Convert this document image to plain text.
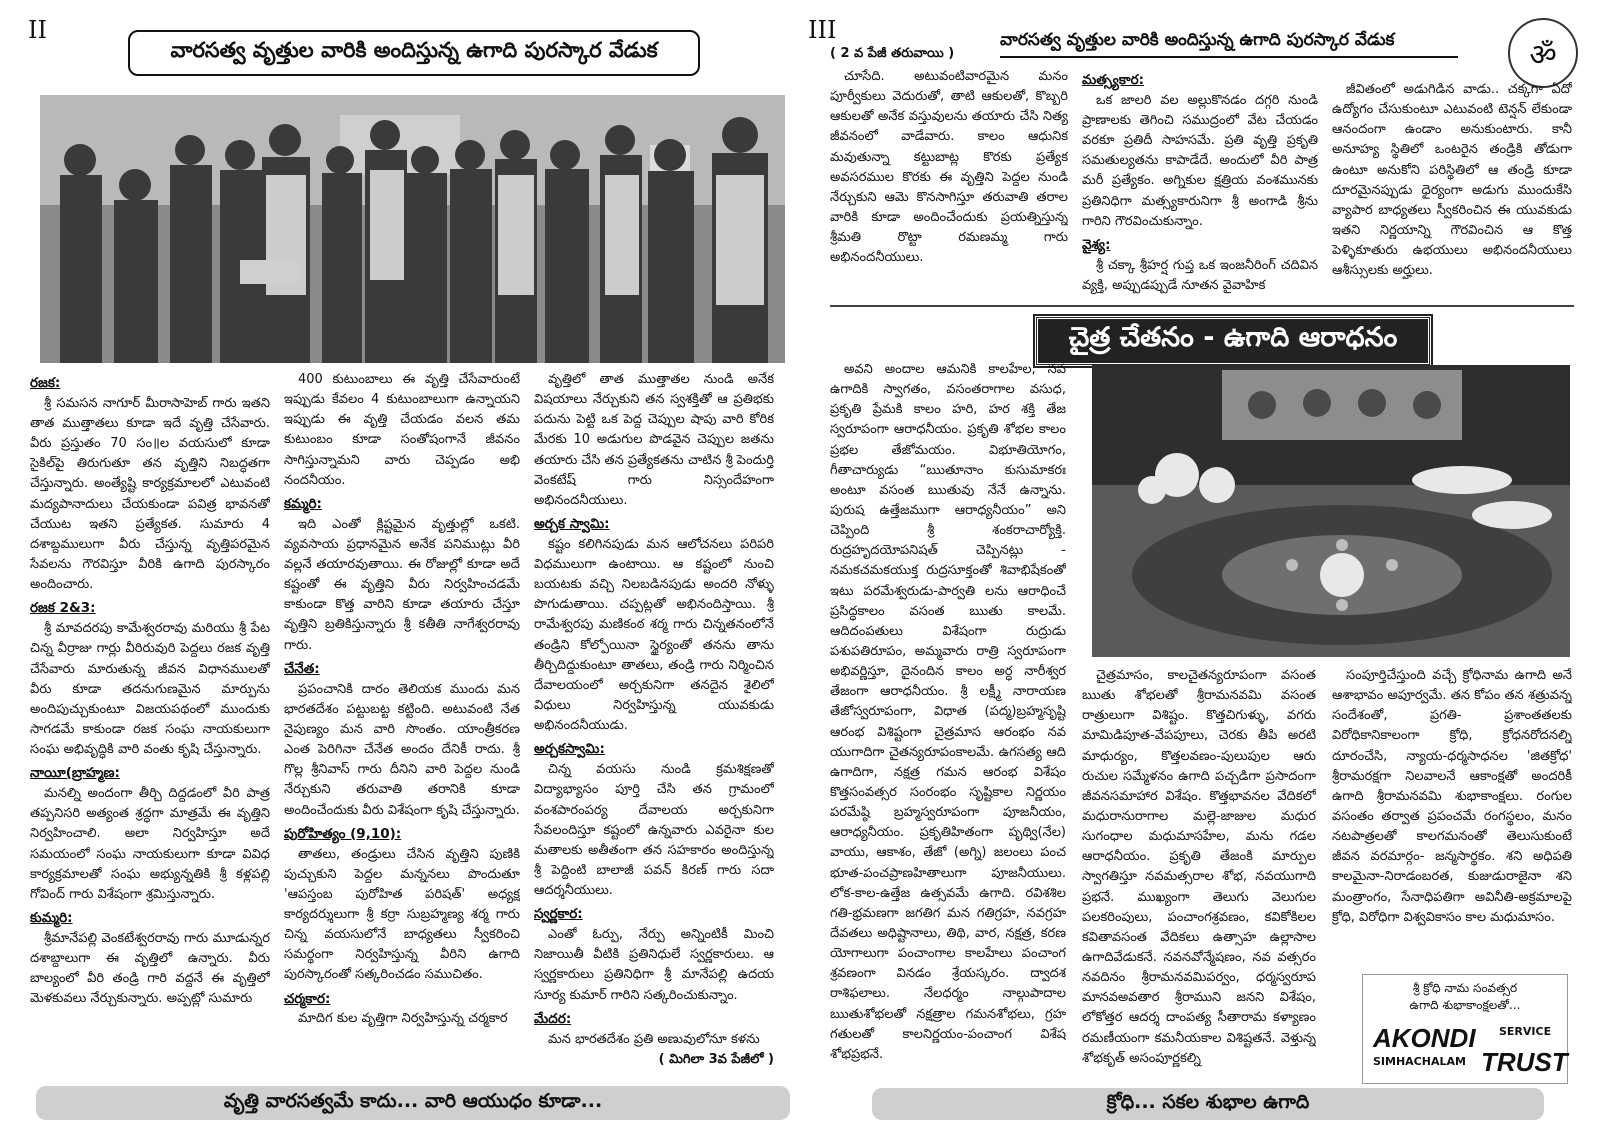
II
వారసత్వ వృత్తుల వారికి అందిస్తున్న ఉగాది పురస్కార వేడుక
రజక:

శ్రీ సమసన నాగూర్ మీరాసాహెబ్ గారు ఇతని తాత ముత్తాతలు కూడా ఇదే వృత్తి చేసేవారు. వీరు ప్రస్తుతం 70 సం॥ల వయసులో కూడా సైకిల్‌పై తిరుగుతూ తన వృత్తిని నిబద్ధతగా చేస్తున్నారు. అంత్యేష్టి కార్యక్రమాలలో ఎటువంటి మద్యపానాదులు చేయకుండా పవిత్ర భావనతో చేయుట ఇతని ప్రత్యేకత. సుమారు 4 దశాబ్దములుగా వీరు చేస్తున్న వృత్తిపరమైన సేవలను గౌరవిస్తూ వీరికి ఉగాది పురస్కారం అందించారు.

రజక 2&3:

శ్రీ మావదరపు కామేశ్వరరావు మరియు శ్రీ పేట చిన్న వీర్రాజు గార్లు వీరిరువురి పెద్దలు రజక వృత్తి చేసేవారు మారుతున్న జీవన విధానములతో వీరు కూడా తదనుగుణమైన మార్పును అందిపుచ్చుకుంటూ విజయపథంలో ముందుకు సాగడమే కాకుండా రజక సంఘ నాయకులుగా సంఘ అభివృద్ధికి వారి వంతు కృషి చేస్తున్నారు.

నాయీ(బ్రాహ్మణ:

మనల్ని అందంగా తీర్చి దిద్దడంలో వీరి పాత్ర తప్పనిసరి అత్యంత శ్రద్ధగా మాత్రమే ఈ వృత్తిని నిర్వహించాలి. అలా నిర్వహిస్తూ అదే సమయంలో సంఘ నాయకులుగా కూడా వివిధ కార్యక్రమాలతో సంఘ అభ్యున్నతికి శ్రీ కళ్లపల్లి గోవింద్ గారు విశేషంగా శ్రమిస్తున్నారు.

కుమ్మరి:

శ్రీమానేపల్లి వెంకటేశ్వరరావు గారు మూడున్నర దశాబ్దాలుగా ఈ వృత్తిలో ఉన్నారు. వీరు బాల్యంలో వీరి తండ్రి గారి వద్దనే ఈ వృత్తిలో మెళకువలు నేర్చుకున్నారు. అప్పట్లో సుమారు

400 కుటుంబాలు ఈ వృత్తి చేసేవారుంటే ఇప్పుడు కేవలం 4 కుటుంబాలుగా ఉన్నాయని ఇప్పుడు ఈ వృత్తి చేయడం వలన తమ కుటుంబం కూడా సంతోషంగానే జీవనం సాగిస్తున్నామని వారు చెప్పడం అభి నందనీయం.

కమ్మరి:

ఇది ఎంతో క్లిష్టమైన వృత్తుల్లో ఒకటి. వ్యవసాయ ప్రధానమైన అనేక పనిముట్లు వీరి వల్లనే తయారవుతాయి. ఈ రోజుల్లో కూడా అదే కష్టంతో ఈ వృత్తిని వీరు నిర్వహించడమే కాకుండా కొత్త వారిని కూడా తయారు చేస్తూ వృత్తిని బ్రతికిస్తున్నారు శ్రీ కతీతి నాగేశ్వరరావు గారు.

చేనేత:

ప్రపంచానికి దారం తెలియక ముందు మన భారతదేశం పట్టుబట్ట కట్టింది. అటువంటి నేత నైపుణ్యం మన వారి సొంతం. యాంత్రీకరణ ఎంత పెరిగినా చేనేత అందం దేనికీ రాదు. శ్రీ గొల్ల శ్రీనివాస్ గారు దీనిని వారి పెద్దల నుండి నేర్చుకుని తరువాతి తరానికి కూడా అందించేందుకు వీరు విశేషంగా కృషి చేస్తున్నారు.

పురోహిత్యం (9,10):

తాతలు, తండ్రులు చేసిన వృత్తిని పుణికి పుచ్చుకుని పెద్దల మన్ననలు పొందుతూ 'ఆపస్తంబ పురోహిత పరిషత్' అధ్యక్ష కార్యదర్శులుగా శ్రీ కర్రా సుబ్రహ్మణ్య శర్మ గారు చిన్న వయసులోనే బాధ్యతలు స్వీకరించి సమర్థంగా నిర్వహిస్తున్న వీరిని ఉగాది పురస్కారంతో సత్కరించడం సముచితం.

చర్మకార:

మాదిగ కుల వృత్తిగా నిర్వహిస్తున్న చర్మకార

వృత్తిలో తాత ముత్తాతల నుండి అనేక విషయాలు నేర్చుకుని తన స్వశక్తితో ఆ ప్రతిభకు పదును పెట్టి ఒక పెద్ద చెప్పుల షాపు వారి కోరిక మేరకు 10 అడుగుల పొడవైన చెప్పుల జతను తయారు చేసి తన ప్రత్యేకతను చాటిన శ్రీ పెందుర్తి వెంకటేష్ గారు నిస్సందేహంగా అభినందనీయులు.

అర్చక స్వామి:

కష్టం కలిగినపుడు మన ఆలోచనలు పరిపరి విధములుగా ఉంటాయి. ఆ కష్టంలో నుంచి బయటకు వచ్చి నిలబడినపుడు అందరి నోళ్ళు పొగుడుతాయి. చప్పట్లతో అభినందిస్తాయి. శ్రీ రామేశ్వరపు మణికంఠ శర్మ గారు చిన్నతనంలోనే తండ్రిని కోల్పోయినా స్థైర్యంతో తనను తాను తీర్చిదిద్దుకుంటూ తాతలు, తండ్రి గారు నిర్మించిన దేవాలయంలో అర్చకునిగా తనదైన శైలిలో విధులు నిర్వహిస్తున్న యువకుడు అభినందనీయుడు.

అర్చకస్వామి:

చిన్న వయసు నుండి క్రమశిక్షణతో విద్యాభ్యాసం పూర్తి చేసి తన గ్రామంలో వంశపారంపర్య దేవాలయ అర్చకునిగా సేవలందిస్తూ కష్టంలో ఉన్నవారు ఎవరైనా కుల మతాలకు అతీతంగా తన సహకారం అందిస్తున్న శ్రీ పెద్దింటి బాలాజీ పవన్ కిరణ్ గారు సదా ఆదర్శనీయులు.

స్వర్ణకార:

ఎంతో ఓర్పు, నేర్పు అన్నింటికీ మించి నిజాయితీ వీటికి ప్రతినిధులే స్వర్ణకారులు. ఆ స్వర్ణకారులు ప్రతినిధిగా శ్రీ మానేపల్లి ఉదయ సూర్య కుమార్ గారిని సత్కరించుకున్నాం.

మేదర:

మన భారతదేశం ప్రతి అణువులోనూ కళను

( మిగిలా 3వ పేజీలో )

వృత్తి వారసత్వమే కాదు... వారి ఆయుధం కూడా...
III
( 2 వ పేజీ తరువాయి )
వారసత్వ వృత్తుల వారికి అందిస్తున్న ఉగాది పురస్కార వేడుక	ॐ

చూసేది. అటువంటివారమైన మనం పూర్వీకులు వెదురుతో, తాటి ఆకులతో, కొబ్బరి ఆకులతో అనేక వస్తువులను తయారు చేసి నిత్య జీవనంలో వాడేవారు. కాలం ఆధునిక మవుతున్నా కట్టుబాట్ల కొరకు ప్రత్యేక అవసరముల కొరకు ఈ వృత్తిని పెద్దల నుండి నేర్చుకుని ఆమె కొనసాగిస్తూ తరువాతి తరాల వారికి కూడా అందించేందుకు ప్రయత్నిస్తున్న శ్రీమతి రొట్టా రమణమ్మ గారు అభినందనీయులు.

మత్స్యకార:

ఒక జాలరి వల అల్లుకొనడం దగ్గరి నుండి ప్రాణాలకు తెగించి సముద్రంలో వేట చేయడం వరకూ ప్రతిదీ సాహసమే. ప్రతి వృత్తి ప్రకృతి సమతుల్యతను కాపాడేదే. అందులో వీరి పాత్ర మరీ ప్రత్యేకం. అగ్నికుల క్షత్రియ వంశమునకు ప్రతినిధిగా మత్స్యకారునిగా శ్రీ అంగాడి శ్రీను గారిని గౌరవించుకున్నాం.

వైశ్య:

శ్రీ చక్కా శ్రీహర్ష గుప్త ఒక ఇంజనీరింగ్ చదివిన వ్యక్తి, అప్పుడప్పుడే నూతన వైవాహిక

జీవితంలో అడుగిడిన వాడు.. చక్కగా ఏదో ఉద్యోగం చేసుకుంటూ ఎటువంటి టెన్షన్ లేకుండా ఆనందంగా ఉండాం అనుకుంటారు. కానీ అనూహ్య స్థితిలో ఒంటరైన తండ్రికి తోడుగా ఉంటూ అనుకోని పరిస్థితిలో ఆ తండ్రి కూడా దూరమైనప్పుడు ధైర్యంగా అడుగు ముందుకేసి వ్యాపార బాధ్యతలు స్వీకరించిన ఈ యువకుడు ఇతని నిర్ణయాన్ని గౌరవించిన ఆ కొత్త పెళ్ళికూతురు ఉభయులు అభినందనీయులు ఆశీస్సులకు అర్హులు.

చైత్ర చేతనం - ఉగాది ఆరాధనం

అవని అందాల ఆమనికి కాలహేల, నవ ఉగాదికి స్వాగతం, వసంతరాగాల వసుధ, ప్రకృతి ప్రేమకి కాలం హరి, హర శక్తి తేజ స్వరూపంగా ఆరాధనీయం. ప్రకృతి శోభల కాలం ప్రభల తేజోమయం. విభూతియోగం, గీతాచార్యుడు “ఋతూనాం కుసుమాకరః అంటూ వసంత ఋతువు నేనే ఉన్నాను. పురుష ఉత్తేజముగా ఆరాధ్యనీయం” అని చెప్పింది శ్రీ శంకరాచార్యోక్తి. రుద్రహృదయోపనిషత్ చెప్పినట్లు - నమకచమకయుక్త రుద్రసూక్తంతో శివాభిషేకంతో ఇటు పరమేశ్వరుడు-పార్వతి లను ఆరాధించే ప్రసిద్ధకాలం వసంత ఋతు కాలమే. ఆదిదంపతులు విశేషంగా రుద్రుడు పశుపతిరూపం, అమ్మవారు రాత్రి స్వరూపంగా అభివర్ణిస్తూ, దైనందిన కాలం అర్ధ నారీశ్వర తేజంగా ఆరాధనీయం. శ్రీ లక్ష్మీ నారాయణ తేజోస్వరూపంగా, విధాత (పద్మ)బ్రహ్మసృష్టి ఆరంభ విశిష్టంగా చైత్రమాస ఆరంభం నవ యుగాదిగా చైతన్యరూపంకాలమే. ఉగసత్య ఆది ఉగాదిగా, నక్షత్ర గమన ఆరంభ విశేషం కొత్తసంవత్సర సంరంభం సృష్టికాల నిర్ణయం పరమేష్ఠి బ్రహ్మస్వరూపంగా పూజనీయం, ఆరాధ్యనీయం. ప్రకృతిహితంగా పృథ్వి(నేల) వాయు, ఆకాశం, తేజో (అగ్ని) జలంలు పంచ భూత-పంచప్రాణహితాలుగా పూజనీయులు. లోక-కాల-ఉత్తేజ ఉత్సవమే ఉగాది. రవిశశిల గతి-భ్రమణగా జగతిగ మన గతిగ్రహ, నవగ్రహ దేవతలు అధిష్టానాలు, తిథి, వార, నక్షత్ర, కరణ యోగాలుగా పంచాంగాల కాలహేలు పంచాంగ శ్రవణంగా వినడం శ్రేయస్కరం. ద్వాదశ రాశిఫలాలు. నేలధర్మం నాల్గుపాదాల ఋతుశోభలతో నక్షత్రాల గమనశోభలు, గ్రహ గతులతో కాలనిర్ణయం-పంచాంగ విశేష శోభప్రభనే.

చైత్రమాసం, కాలచైతన్యరూపంగా వసంత ఋతు శోభలతో శ్రీరామనవమి వసంత రాత్రులుగా విశిష్టం. కొత్తచిగుళ్ళు, వగరు మామిడిపూత-వేపపూలు, చెరకు తీపి అరటి మాధుర్యం, కొత్తలవణం-పులుపుల ఆరు రుచుల సమ్మేళనం ఉగాది పచ్చడిగా ప్రసాదంగా జీవనసమాహార విశేషం. కొత్తభావనల వేదికలో మధురానురాగాల మల్లె-జాజుల మధుర సుగంధాల మధుమాసహేల, మను గడల ఆరాధనీయం. ప్రకృతి తేజంకి మార్పుల స్వాగతిస్తూ నవమత్సరాల శోభ, నవయుగాది ప్రభనే. ముఖ్యంగా తెలుగు వెలుగుల పలకరింపులు, పంచాంగశ్రవణం, కవికోకిలల కవితావసంత వేదికలు ఉత్సాహ ఉల్లాసాల ఉగాదివేడుకనే. నవనవోన్మేషణం, నవ వత్సరం నవదినం శ్రీరామనవమిపర్వం, ధర్మస్వరూప మానవఅవతార శ్రీరాముని జనని విశేషం, లోకోత్తర ఆదర్శ దాంపత్య సీతారామ కళ్యాణం రమణీయంగా కమనీయకాల విశిష్టతనే. వెళ్తున్న శోభకృత్ అసంపూర్ణకల్ని

సంపూర్తిచేస్తుంది వచ్చే క్రోధినామ ఉగాది అనే ఆశాభావం అపూర్వమే. తన కోపం తన శత్రువన్న సందేశంతో, ప్రగతి- ప్రశాంతతలకు విరోధికానికాలంగా క్రోధి, క్రోధనరోదనల్ని దూరంచేసి, న్యాయ-ధర్మసాధనల 'జితక్రోధ' శ్రీరామరక్షగా నిలవాలనే ఆకాంక్షతో అందరికీ ఉగాది శ్రీరామనవమి శుభాకాంక్షలు. రంగుల వసంతం తర్వాత ప్రపంచమే రంగస్థలం, మనం నటపాత్రలతో కాలగమనంతో తెలుసుకుంటే జీవన వరమార్గం- జన్మసార్థకం. శని అధిపతి కాలమైనా-నిరాడంబరత, కుజుడురాజైనా శని మంత్రాంగం, సేనాధిపతిగా అవినీతి-అక్రమాలపై క్రోధి, విరోధిగా విశ్వవికాసం కాల మధుమాసం.

శ్రీ క్రోధి నామ సంవత్సర
ఉగాది శుభాకాంక్షలతో...
AKONDI SERVICE
SIMHACHALAM TRUST
క్రోధి... సకల శుభాల ఉగాది
